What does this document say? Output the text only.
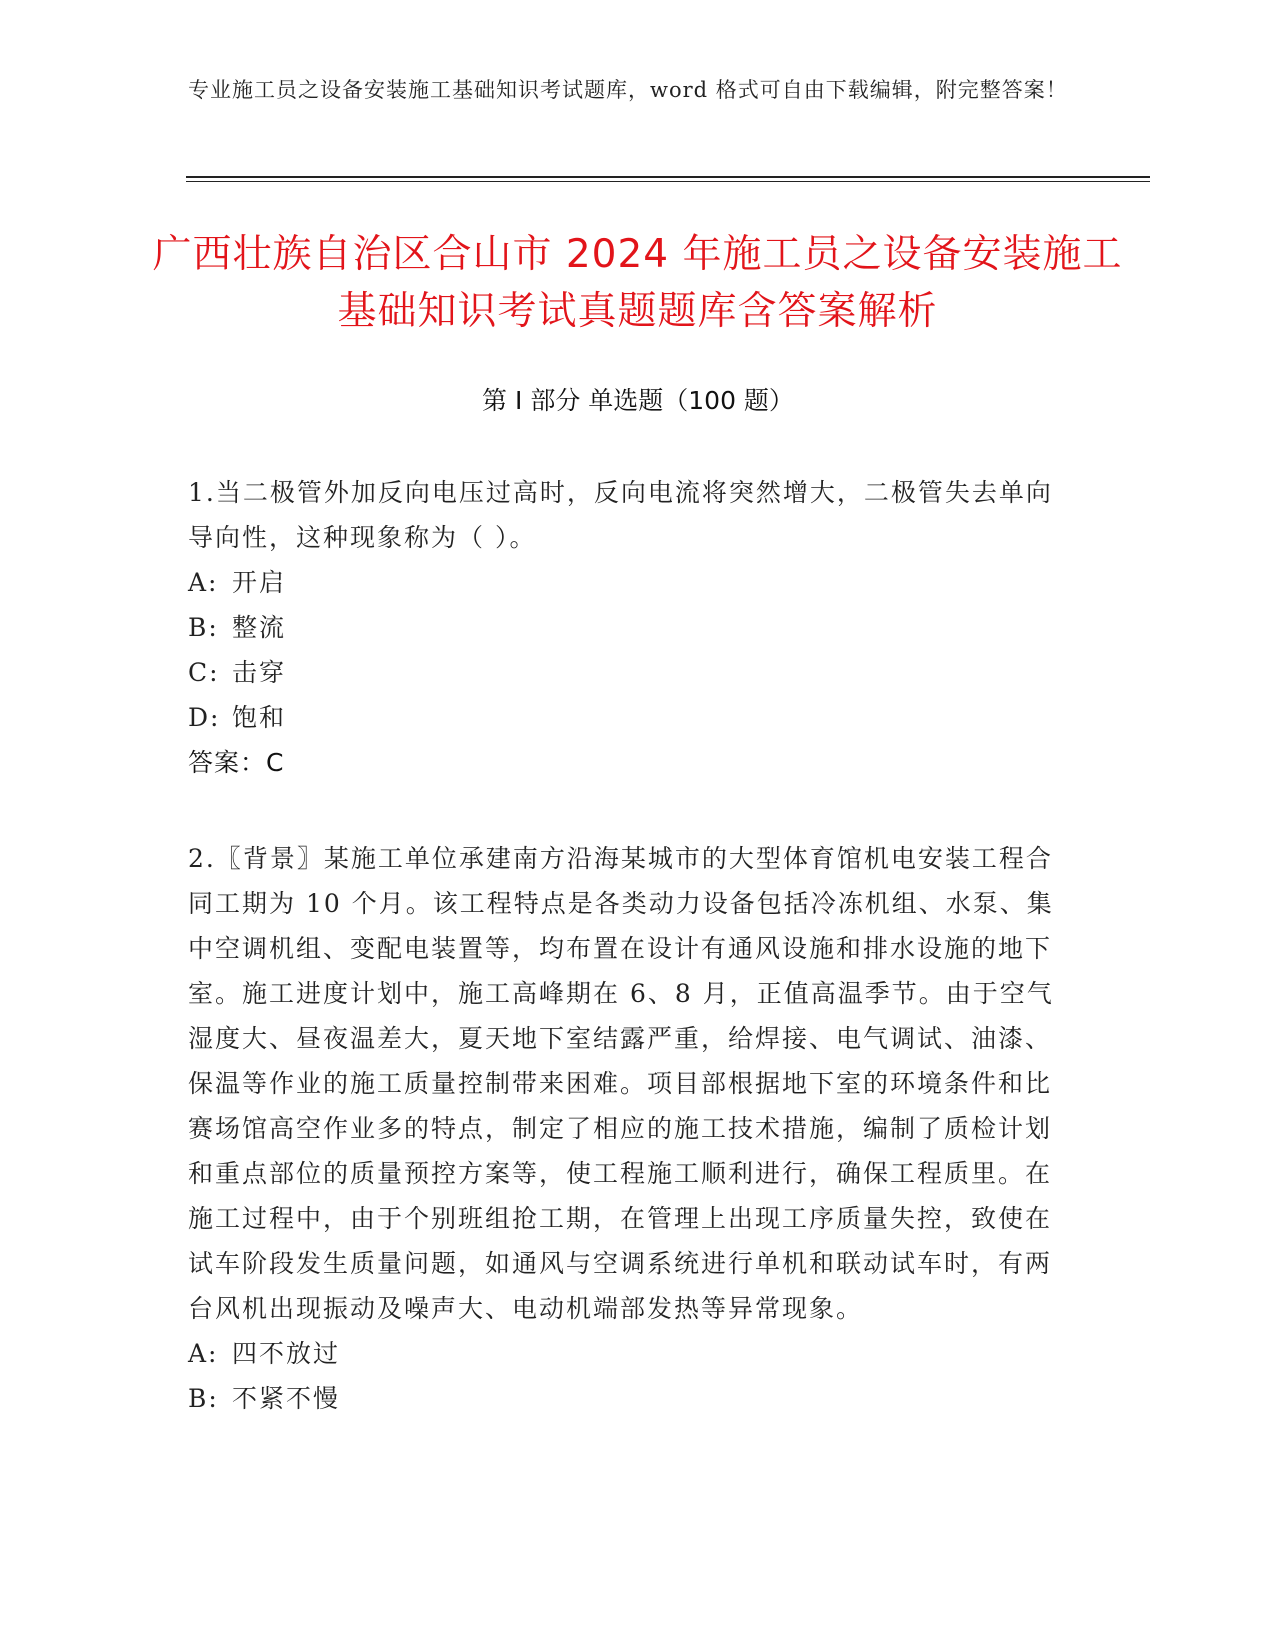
专业施工员之设备安装施工基础知识考试题库，word 格式可自由下载编辑，附完整答案！
广西壮族自治区合山市 2024 年施工员之设备安装施工基础知识考试真题题库含答案解析
第 I 部分 单选题（100 题）

1.当二极管外加反向电压过高时，反向电流将突然增大，二极管失去单向导向性，这种现象称为（ ）。

A: 开启

B: 整流

C: 击穿

D: 饱和

答案：C

2.〖背景〗某施工单位承建南方沿海某城市的大型体育馆机电安装工程合同工期为 10 个月。该工程特点是各类动力设备包括冷冻机组、水泵、集中空调机组、变配电装置等，均布置在设计有通风设施和排水设施的地下室。施工进度计划中，施工高峰期在 6、8 月，正值高温季节。由于空气湿度大、昼夜温差大，夏天地下室结露严重，给焊接、电气调试、油漆、保温等作业的施工质量控制带来困难。项目部根据地下室的环境条件和比赛场馆高空作业多的特点，制定了相应的施工技术措施，编制了质检计划和重点部位的质量预控方案等，使工程施工顺利进行，确保工程质里。在施工过程中，由于个别班组抢工期，在管理上出现工序质量失控，致使在试车阶段发生质量问题，如通风与空调系统进行单机和联动试车时，有两台风机出现振动及噪声大、电动机端部发热等异常现象。

A: 四不放过

B: 不紧不慢
